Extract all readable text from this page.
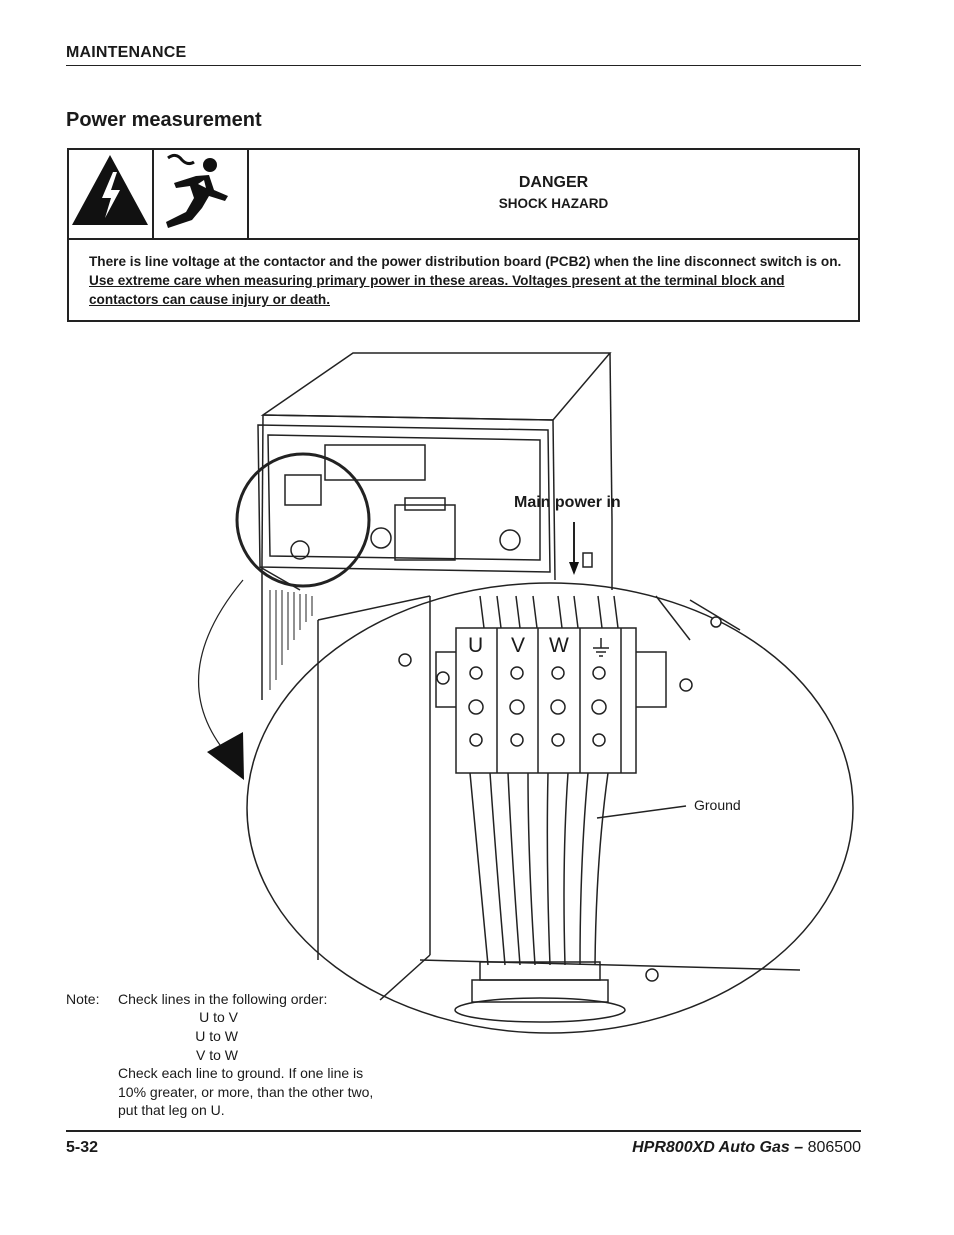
MAINTENANCE
Power measurement
DANGER
SHOCK HAZARD
There is line voltage at the contactor and the power distribution board (PCB2) when the line disconnect switch is on. Use extreme care when measuring primary power in these areas. Voltages present at the terminal block and contactors can cause injury or death.
Main power in
Ground
U V W
Note: Check lines in the following order:
U to V
U to W
V to W
Check each line to ground. If one line is 10% greater, or more, than the other two, put that leg on U.
5-32	HPR800XD Auto Gas – 806500
